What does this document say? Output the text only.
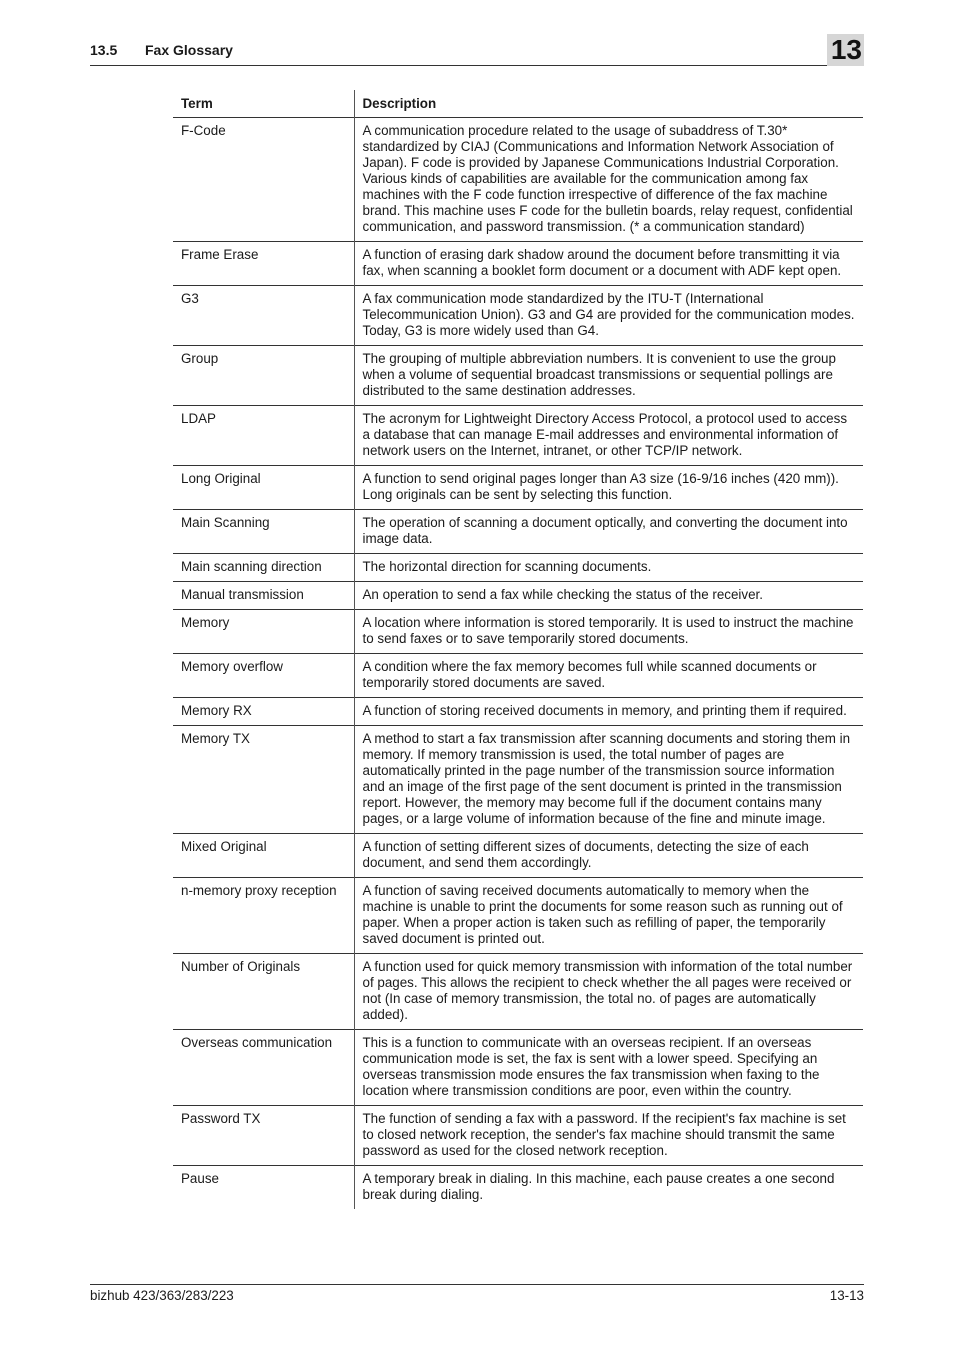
13.5 Fax Glossary	13
Term	Description
F-Code	A communication procedure related to the usage of subaddress of T.30* standardized by CIAJ (Communications and Information Network Association of Japan). F code is provided by Japanese Communications Industrial Corporation. Various kinds of capabilities are available for the communication among fax machines with the F code function irrespective of difference of the fax machine brand. This machine uses F code for the bulletin boards, relay request, confidential communication, and password transmission. (* a communication standard)
Frame Erase	A function of erasing dark shadow around the document before transmitting it via fax, when scanning a booklet form document or a document with ADF kept open.
G3	A fax communication mode standardized by the ITU-T (International Telecommunication Union). G3 and G4 are provided for the communication modes. Today, G3 is more widely used than G4.
Group	The grouping of multiple abbreviation numbers. It is convenient to use the group when a volume of sequential broadcast transmissions or sequential pollings are distributed to the same destination addresses.
LDAP	The acronym for Lightweight Directory Access Protocol, a protocol used to access a database that can manage E-mail addresses and environmental information of network users on the Internet, intranet, or other TCP/IP network.
Long Original	A function to send original pages longer than A3 size (16-9/16 inches (420 mm)). Long originals can be sent by selecting this function.
Main Scanning	The operation of scanning a document optically, and converting the document into image data.
Main scanning direction	The horizontal direction for scanning documents.
Manual transmission	An operation to send a fax while checking the status of the receiver.
Memory	A location where information is stored temporarily. It is used to instruct the machine to send faxes or to save temporarily stored documents.
Memory overflow	A condition where the fax memory becomes full while scanned documents or temporarily stored documents are saved.
Memory RX	A function of storing received documents in memory, and printing them if required.
Memory TX	A method to start a fax transmission after scanning documents and storing them in memory. If memory transmission is used, the total number of pages are automatically printed in the page number of the transmission source information and an image of the first page of the sent document is printed in the transmission report. However, the memory may become full if the document contains many pages, or a large volume of information because of the fine and minute image.
Mixed Original	A function of setting different sizes of documents, detecting the size of each document, and send them accordingly.
n-memory proxy reception	A function of saving received documents automatically to memory when the machine is unable to print the documents for some reason such as running out of paper. When a proper action is taken such as refilling of paper, the temporarily saved document is printed out.
Number of Originals	A function used for quick memory transmission with information of the total number of pages. This allows the recipient to check whether the all pages were received or not (In case of memory transmission, the total no. of pages are automatically added).
Overseas communication	This is a function to communicate with an overseas recipient. If an overseas communication mode is set, the fax is sent with a lower speed. Specifying an overseas transmission mode ensures the fax transmission when faxing to the location where transmission conditions are poor, even within the country.
Password TX	The function of sending a fax with a password. If the recipient's fax machine is set to closed network reception, the sender's fax machine should transmit the same password as used for the closed network reception.
Pause	A temporary break in dialing. In this machine, each pause creates a one second break during dialing.
bizhub 423/363/283/223	13-13
